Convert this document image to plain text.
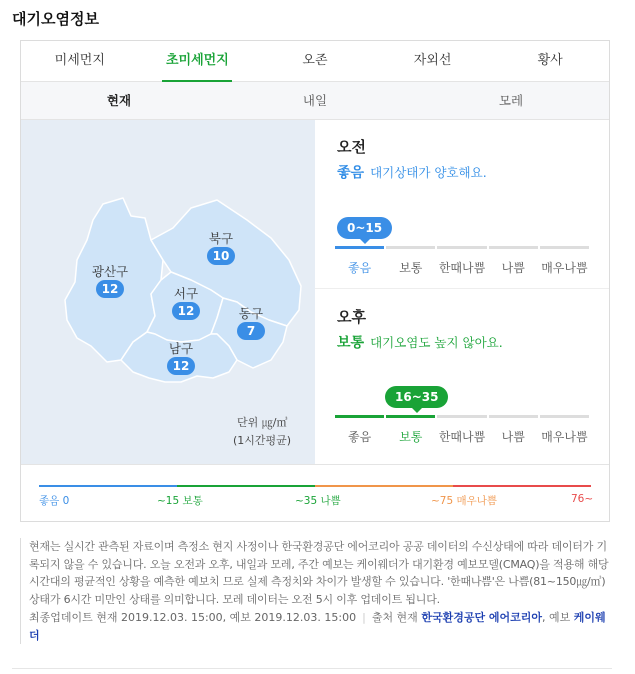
대기오염정보
미세먼지	초미세먼지	오존	자외선	황사
현재	내일	모레
광산구
12
북구
10
서구
12	동구
7
남구
12
단위 ㎍/㎥
(1시간평균)
오전
좋음 대기상태가 양호해요.
0~15
좋음	보통	한때나쁨	나쁨	매우나쁨
오후
보통 대기오염도 높지 않아요.
16~35
좋음	보통	한때나쁨	나쁨	매우나쁨
좋음 0	~15 보통	~35 나쁨	~75 매우나쁨	76~

현재는 실시간 관측된 자료이며 측정소 현지 사정이나 한국환경공단 에어코리아 공공 데이터의 수신상태에 따라 데이터가 기록되지 않을 수 있습니다. 오늘 오전과 오후, 내일과 모레, 주간 예보는 케이웨더가 대기환경 예보모델(CMAQ)을 적용해 해당 시간대의 평균적인 상황을 예측한 예보치 므로 실제 측정치와 차이가 발생할 수 있습니다. '한때나쁨'은 나쁨(81~150㎍/㎥)상태가 6시간 미만인 상태를 의미합니다. 모레 데이터는 오전 5시 이후 업데이트 됩니다.

최종업데이트 현재 2019.12.03. 15:00, 예보 2019.12.03. 15:00 | 출처 현재 한국환경공단 에어코리아, 예보 케이웨더
